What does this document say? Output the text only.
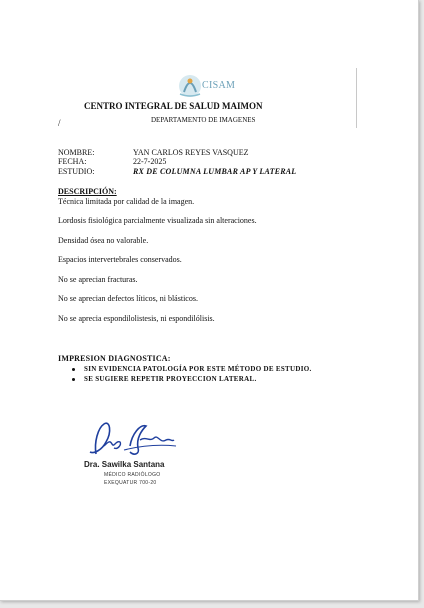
CISAM
CENTRO INTEGRAL DE SALUD MAIMON
DEPARTAMENTO DE IMAGENES
/
NOMBRE:	YAN CARLOS REYES VASQUEZ
FECHA:	22-7-2025
ESTUDIO:	RX DE COLUMNA LUMBAR AP Y LATERAL
DESCRIPCIÓN:
Técnica limitada por calidad de la imagen.
Lordosis fisiológica parcialmente visualizada sin alteraciones.
Densidad ósea no valorable.
Espacios intervertebrales conservados.
No se aprecian fracturas.
No se aprecian defectos líticos, ni blásticos.
No se aprecia espondilolistesis, ni espondilólisis.
IMPRESION DIAGNOSTICA:
SIN EVIDENCIA PATOLOGÍA POR ESTE MÉTODO DE ESTUDIO.
SE SUGIERE REPETIR PROYECCION LATERAL.
Dra. Sawilka Santana
MÉDICO RADIÓLOGO
EXEQUATUR 700-20
